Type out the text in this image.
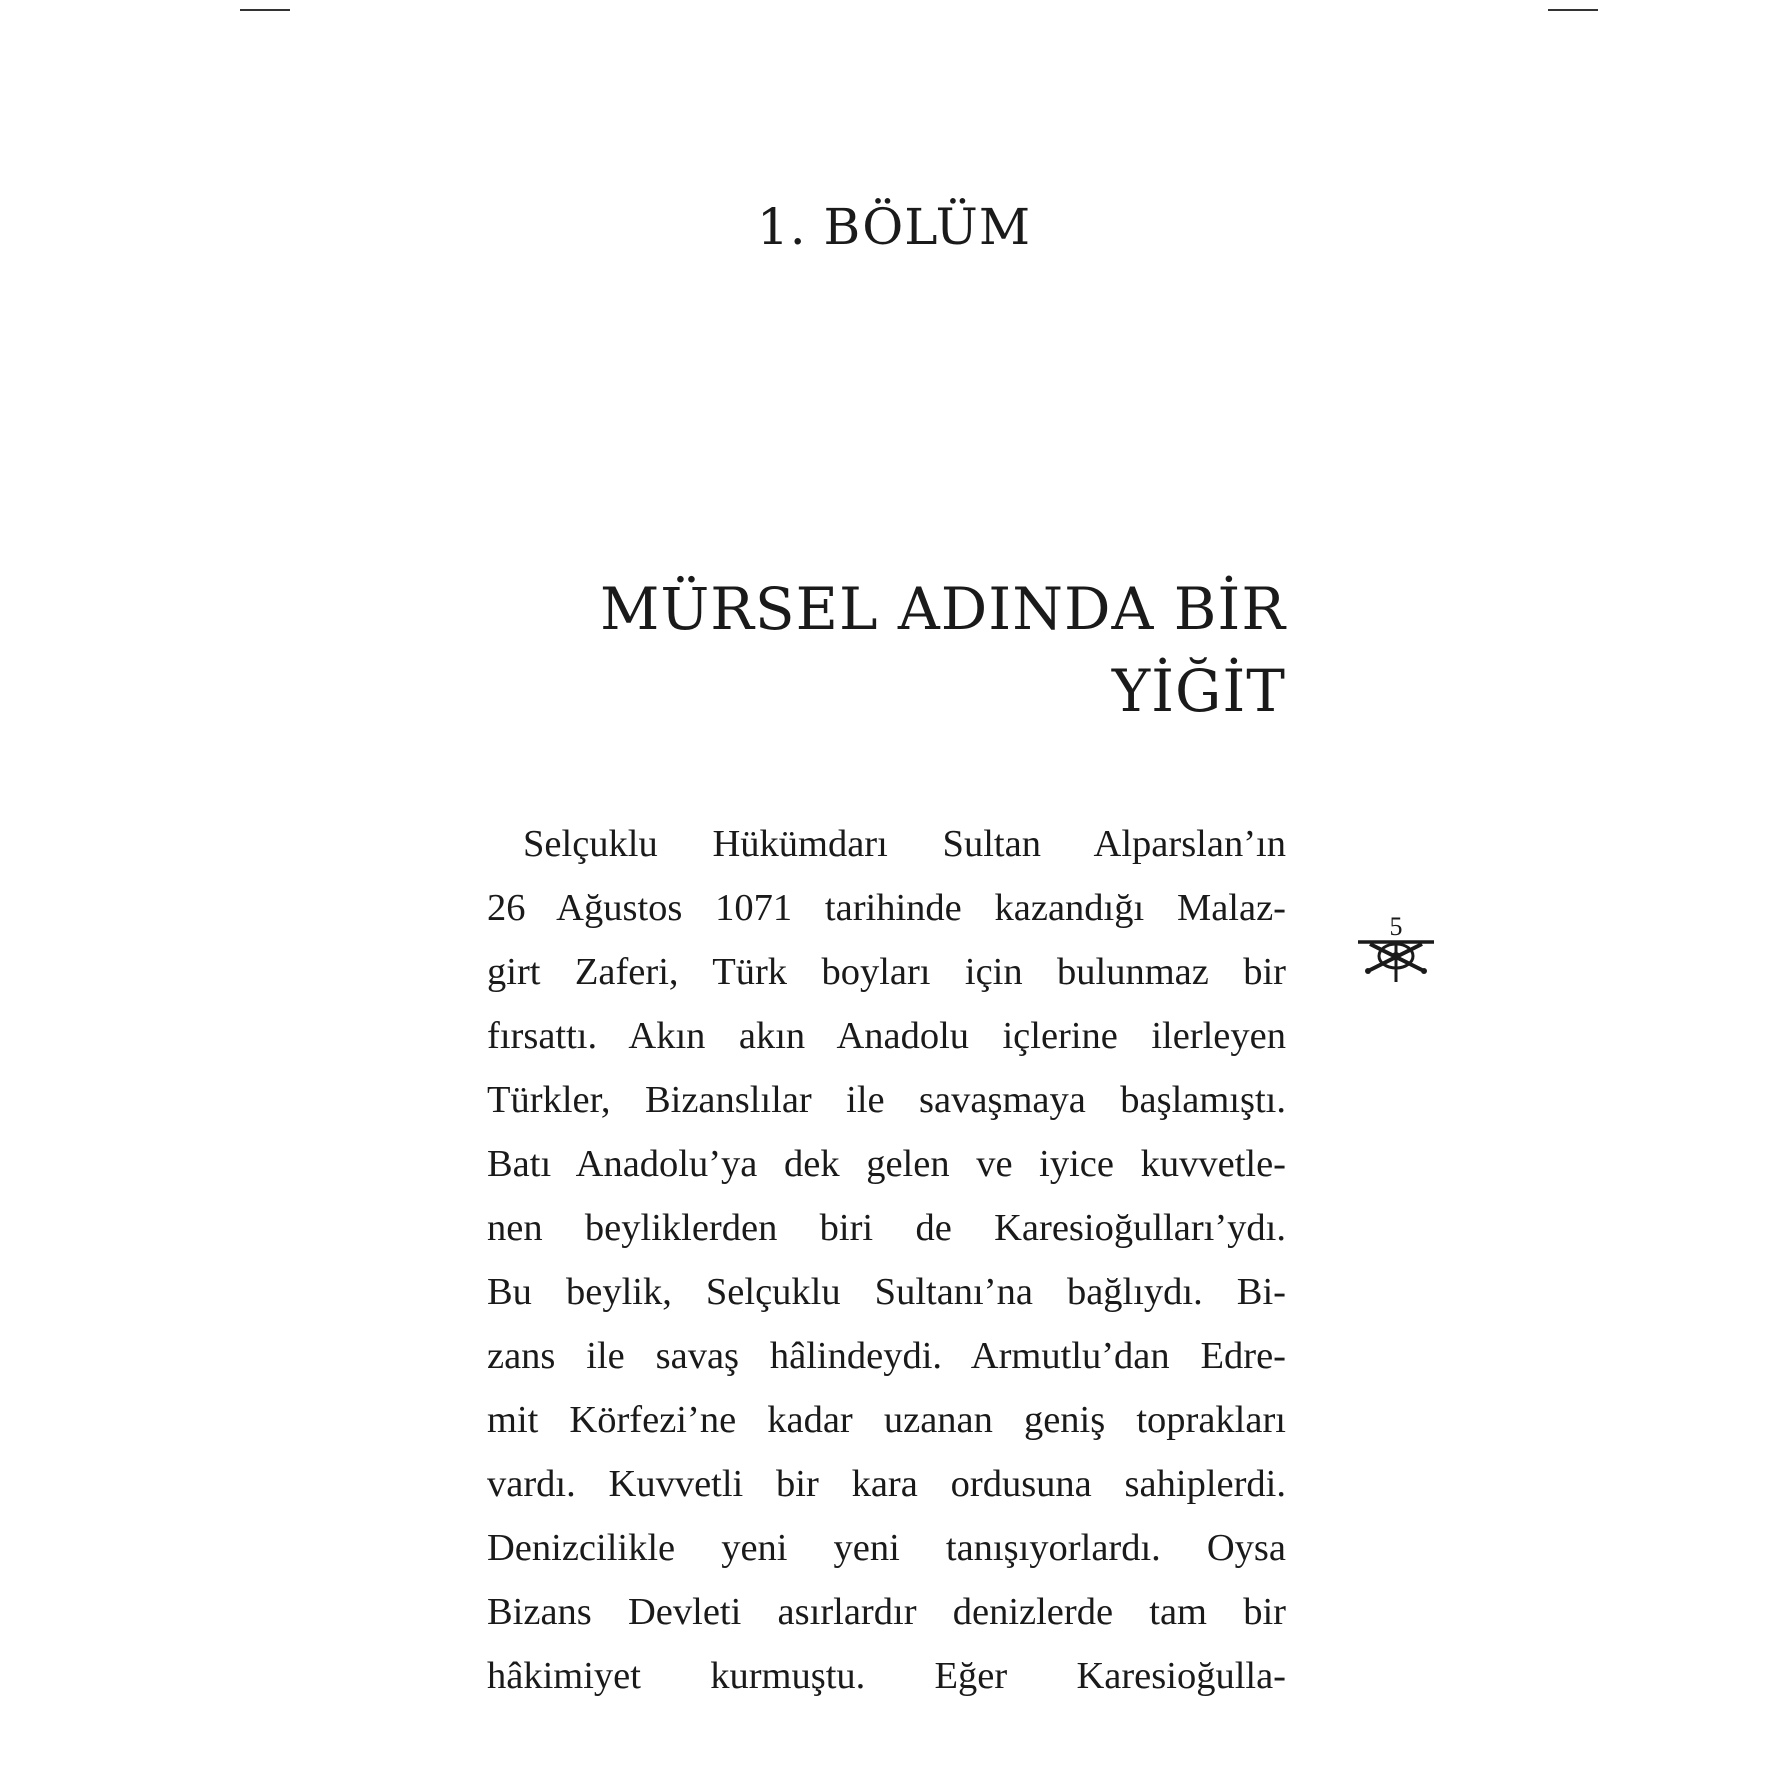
1. BÖLÜM
MÜRSEL ADINDA BİR
YİĞİT
Selçuklu Hükümdarı Sultan Alparslan’ın
26 Ağustos 1071 tarihinde kazandığı Malaz-
girt Zaferi, Türk boyları için bulunmaz bir
fırsattı. Akın akın Anadolu içlerine ilerleyen
Türkler, Bizanslılar ile savaşmaya başlamıştı.
Batı Anadolu’ya dek gelen ve iyice kuvvetle-
nen beyliklerden biri de Karesioğulları’ydı.
Bu beylik, Selçuklu Sultanı’na bağlıydı. Bi-
zans ile savaş hâlindeydi. Armutlu’dan Edre-
mit Körfezi’ne kadar uzanan geniş toprakları
vardı. Kuvvetli bir kara ordusuna sahiplerdi.
Denizcilikle yeni yeni tanışıyorlardı. Oysa
Bizans Devleti asırlardır denizlerde tam bir
hâkimiyet kurmuştu. Eğer Karesioğulla-
5
